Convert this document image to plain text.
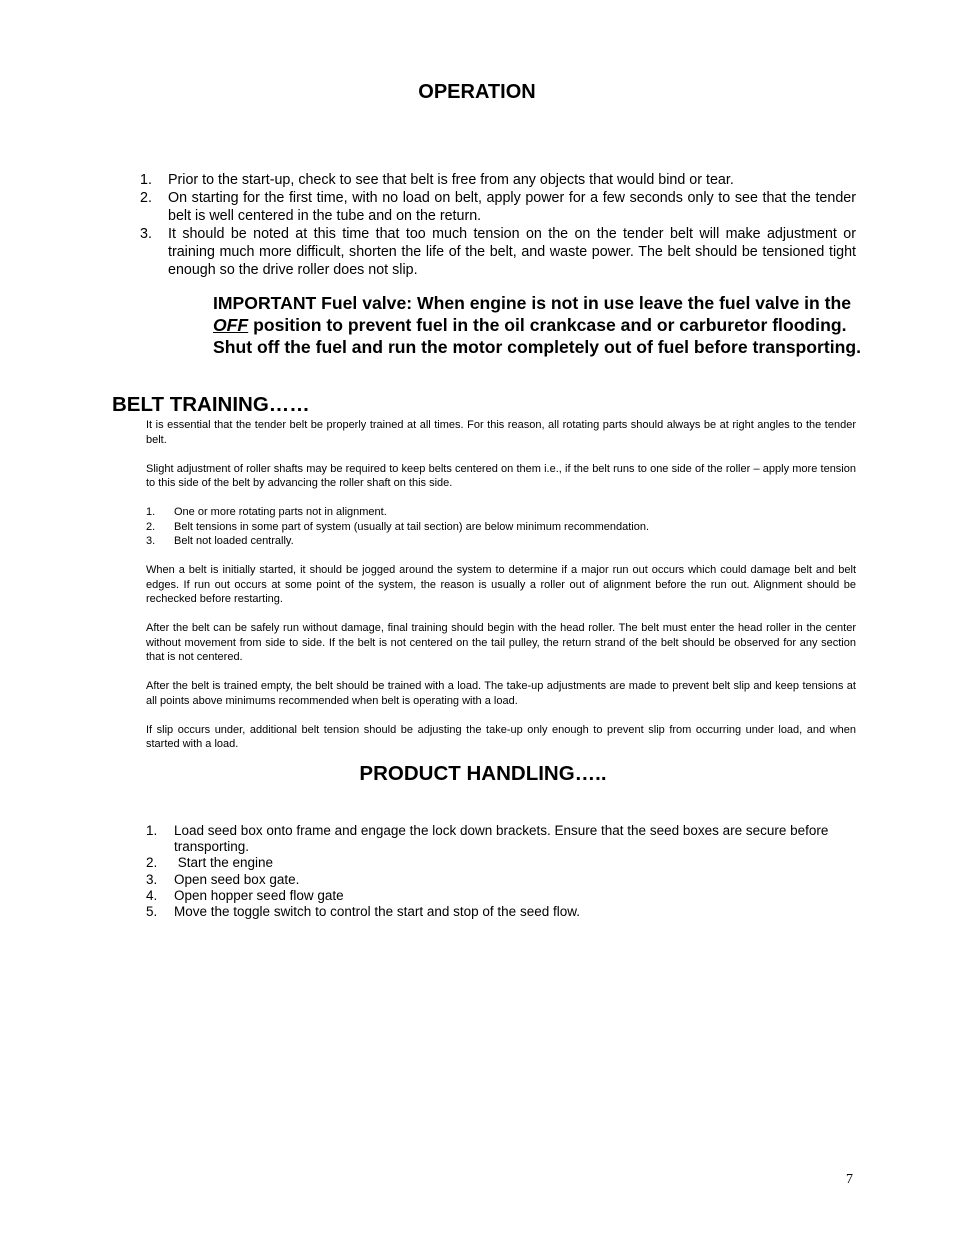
OPERATION
1.	Prior to the start-up, check to see that belt is free from any objects that would bind or tear.
2.	On starting for the first time, with no load on belt, apply power for a few seconds only to see that the tender belt is well centered in the tube and on the return.
3.	It should be noted at this time that too much tension on the on the tender belt will make adjustment or training much more difficult, shorten the life of the belt, and waste power. The belt should be tensioned tight enough so the drive roller does not slip.
IMPORTANT Fuel valve: When engine is not in use leave the fuel valve in the OFF position to prevent fuel in the oil crankcase and or carburetor flooding. Shut off the fuel and run the motor completely out of fuel before transporting.
BELT TRAINING……

It is essential that the tender belt be properly trained at all times. For this reason, all rotating parts should always be at right angles to the tender belt.

Slight adjustment of roller shafts may be required to keep belts centered on them i.e., if the belt runs to one side of the roller – apply more tension to this side of the belt by advancing the roller shaft on this side.

1.	One or more rotating parts not in alignment.
2.	Belt tensions in some part of system (usually at tail section) are below minimum recommendation.
3.	Belt not loaded centrally.

When a belt is initially started, it should be jogged around the system to determine if a major run out occurs which could damage belt and belt edges. If run out occurs at some point of the system, the reason is usually a roller out of alignment before the run out. Alignment should be rechecked before restarting.

After the belt can be safely run without damage, final training should begin with the head roller. The belt must enter the head roller in the center without movement from side to side. If the belt is not centered on the tail pulley, the return strand of the belt should be observed for any section that is not centered.

After the belt is trained empty, the belt should be trained with a load. The take-up adjustments are made to prevent belt slip and keep tensions at all points above minimums recommended when belt is operating with a load.

If slip occurs under, additional belt tension should be adjusting the take-up only enough to prevent slip from occurring under load, and when started with a load.

PRODUCT HANDLING…..
1.	Load seed box onto frame and engage the lock down brackets. Ensure that the seed boxes are secure before transporting.
2.	Start the engine
3.	Open seed box gate.
4.	Open hopper seed flow gate
5.	Move the toggle switch to control the start and stop of the seed flow.
7
